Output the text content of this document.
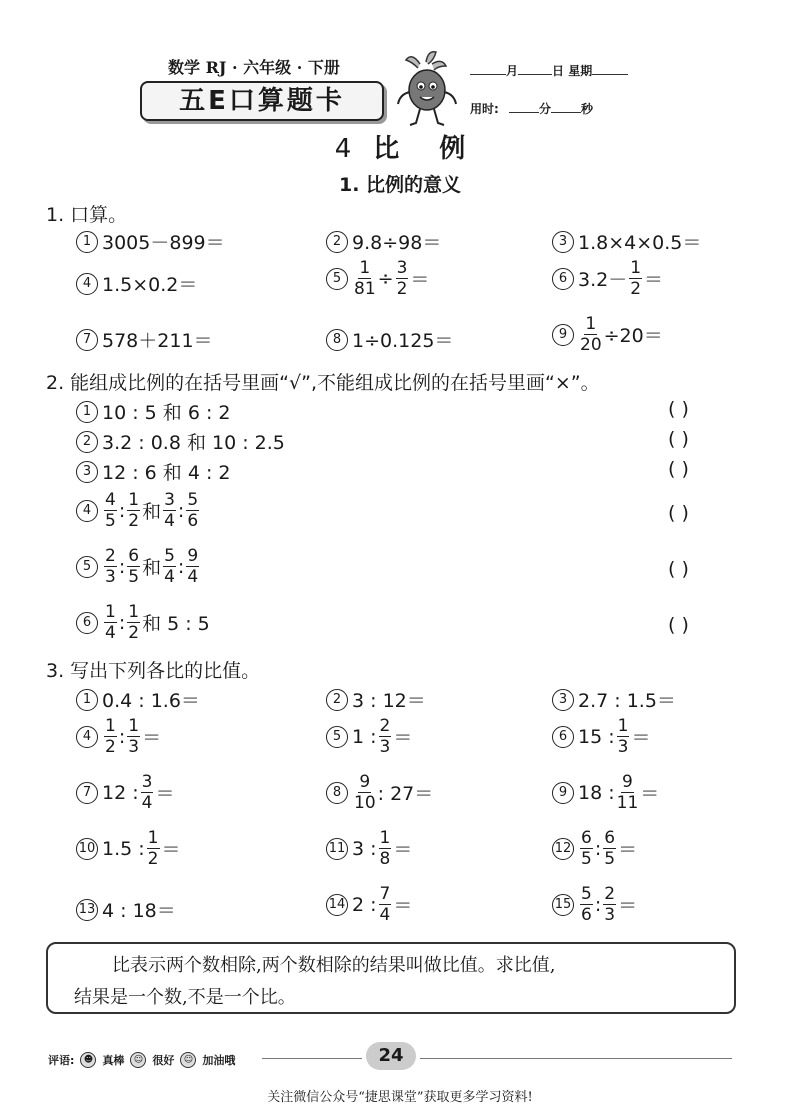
数学 RJ · 六年级 · 下册
五E口算题卡
月	日 星期
用时:	分	秒
4 比 例
1. 比例的意义
1. 口算。
1 3005－899＝	2 9.8÷98＝	3 1.8×4×0.5＝
4 1.5×0.2＝	$5 \frac{1}{81} \div \frac{3}{2}$ ＝	6 $3.2- \frac{1}{2}$ ＝
7 578＋211＝	8 1÷0.125＝	$9 \frac{1}{20} \div 20=$
2. 能组成比例的在括号里画“√”,不能组成比例的在括号里画“×”。
1 10 : 5 和 6 : 2	( )
2 3.2 : 0.8 和 10 : 2.5	( )
3 12 : 6 和 4 : 2	( )
$4 \frac{4}{5}$ : $\frac{1}{2}$ 和 $\frac{3}{4}$ : $\frac{5}{6}$	( )
$5 \frac{2}{3}$ : $\frac{6}{5}$ 和 $\frac{5}{4}$ : $\frac{9}{4}$	( )
$6 \frac{1}{4}$ : $\frac{1}{2}$ 和 5 : 5	( )
3. 写出下列各比的比值。
1 0.4 : 1.6＝	2 3 : 12＝	3 2.7 : 1.5＝
$4 \frac{1}{2}$ : $\frac{1}{3}$ ＝	5 1 : $\frac{2}{3}$ ＝	6 15 : $\frac{1}{3}$ ＝
7 12 : $\frac{3}{4}$ ＝	$8 \frac{9}{10}$ : 27＝	9 18 : $\frac{9}{11}$ ＝
10 1.5 : $\frac{1}{2}$ ＝	11 3 : $\frac{1}{8}$ ＝	$12 \frac{6}{5}$ : $\frac{6}{5}$ ＝
13 4 : 18＝	14 2 : $\frac{7}{4}$ ＝	$15 \frac{5}{6}$ : $\frac{2}{3}$ ＝
比表示两个数相除,两个数相除的结果叫做比值。求比值,
结果是一个数,不是一个比。
评语:	☻ 真棒	☺ 很好	☺ 加油哦	24
关注微信公众号“捷思课堂”获取更多学习资料!
